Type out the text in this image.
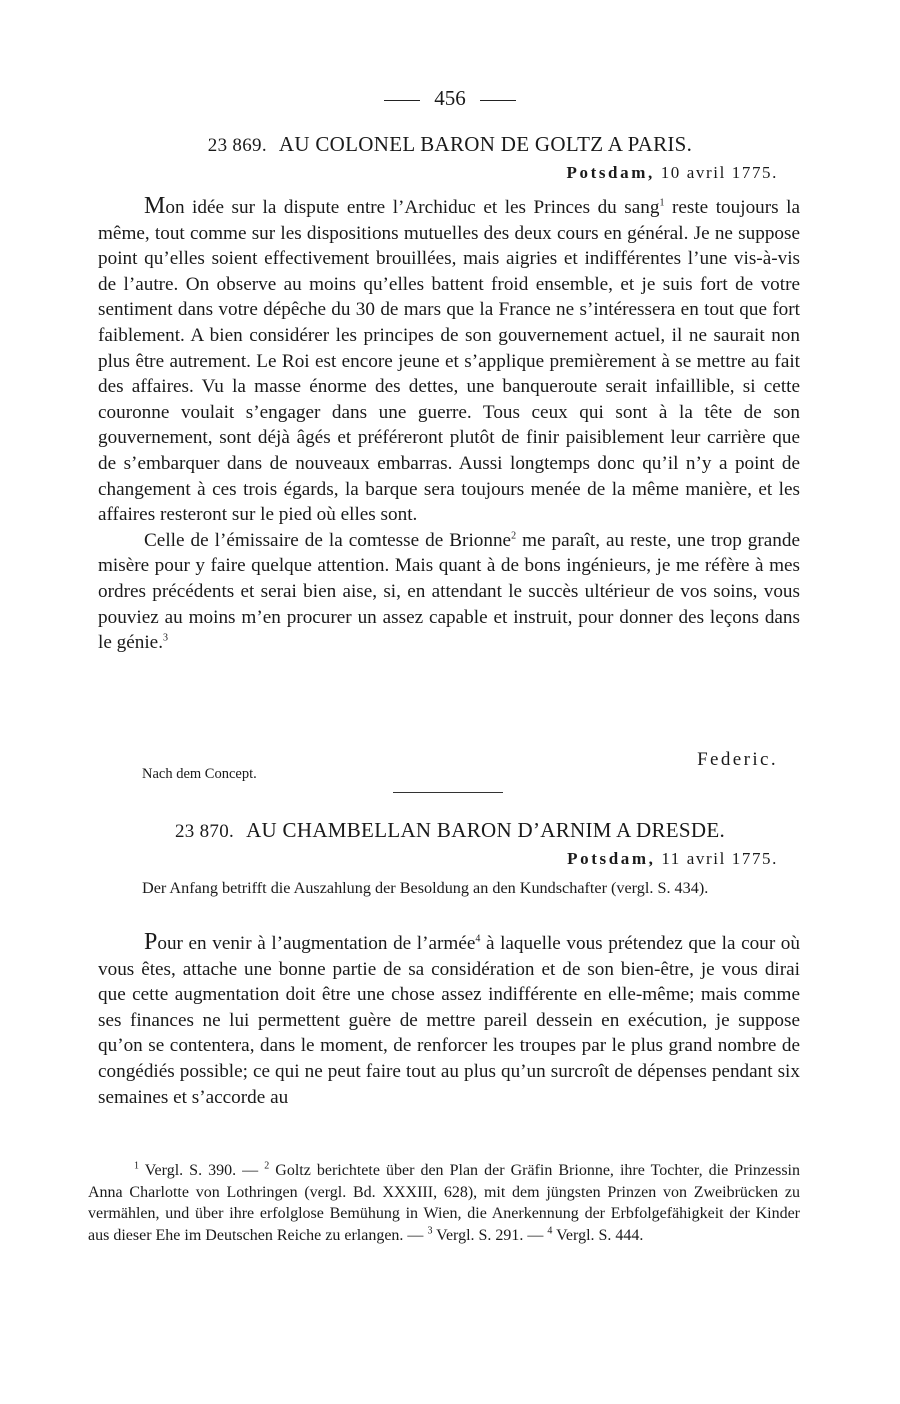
456
23 869. AU COLONEL BARON DE GOLTZ A PARIS.
Potsdam, 10 avril 1775.

Mon idée sur la dispute entre l’Archiduc et les Princes du sang$^1$ reste toujours la même, tout comme sur les dispositions mutuelles des deux cours en général. Je ne suppose point qu’elles soient effectivement brouillées, mais aigries et indifférentes l’une vis-à-vis de l’autre. On observe au moins qu’elles battent froid ensemble, et je suis fort de votre sentiment dans votre dépêche du 30 de mars que la France ne s’intéressera en tout que fort faiblement. A bien considérer les principes de son gouvernement actuel, il ne saurait non plus être autrement. Le Roi est encore jeune et s’applique premièrement à se mettre au fait des affaires. Vu la masse énorme des dettes, une banqueroute serait infaillible, si cette couronne voulait s’engager dans une guerre. Tous ceux qui sont à la tête de son gouvernement, sont déjà âgés et préféreront plutôt de finir paisiblement leur carrière que de s’embarquer dans de nouveaux embarras. Aussi longtemps donc qu’il n’y a point de changement à ces trois égards, la barque sera toujours menée de la même manière, et les affaires resteront sur le pied où elles sont.

Celle de l’émissaire de la comtesse de Brionne$^2$ me paraît, au reste, une trop grande misère pour y faire quelque attention. Mais quant à de bons ingénieurs, je me réfère à mes ordres précédents et serai bien aise, si, en attendant le succès ultérieur de vos soins, vous pouviez au moins m’en procurer un assez capable et instruit, pour donner des leçons dans le génie.$^3$

Federic.
Nach dem Concept.
23 870. AU CHAMBELLAN BARON D’ARNIM A DRESDE.
Potsdam, 11 avril 1775.

Der Anfang betrifft die Auszahlung der Besoldung an den Kundschafter (vergl. S. 434).

Pour en venir à l’augmentation de l’armée$^4$ à laquelle vous prétendez que la cour où vous êtes, attache une bonne partie de sa considération et de son bien-être, je vous dirai que cette augmentation doit être une chose assez indifférente en elle-même; mais comme ses finances ne lui permettent guère de mettre pareil dessein en exécution, je suppose qu’on se contentera, dans le moment, de renforcer les troupes par le plus grand nombre de congédiés possible; ce qui ne peut faire tout au plus qu’un surcroît de dépenses pendant six semaines et s’accorde au

$^1$ Vergl. S. 390. — $^2$ Goltz berichtete über den Plan der Gräfin Brionne, ihre Tochter, die Prinzessin Anna Charlotte von Lothringen (vergl. Bd. XXXIII, 628), mit dem jüngsten Prinzen von Zweibrücken zu vermählen, und über ihre erfolglose Bemühung in Wien, die Anerkennung der Erbfolgefähigkeit der Kinder aus dieser Ehe im Deutschen Reiche zu erlangen. — $^3$ Vergl. S. 291. — $^4$ Vergl. S. 444.
